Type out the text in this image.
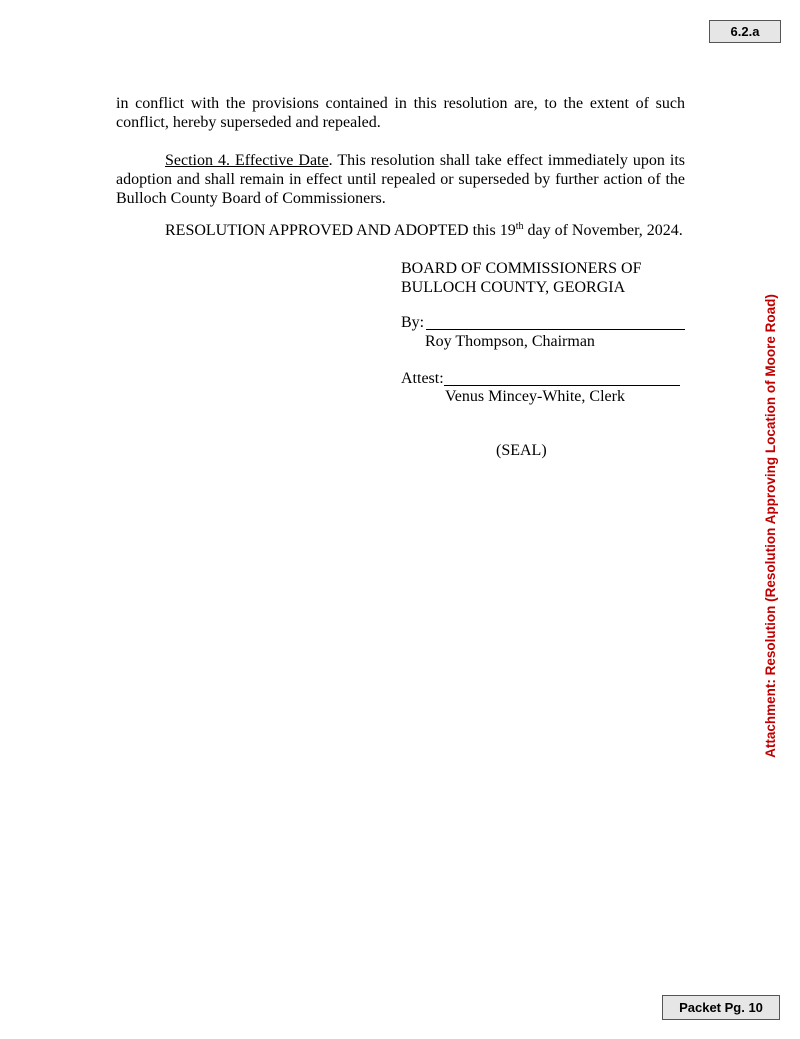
6.2.a
in conflict with the provisions contained in this resolution are, to the extent of such conflict, hereby superseded and repealed.
Section 4. Effective Date. This resolution shall take effect immediately upon its adoption and shall remain in effect until repealed or superseded by further action of the Bulloch County Board of Commissioners.
RESOLUTION APPROVED AND ADOPTED this 19th day of November, 2024.
BOARD OF COMMISSIONERS OF
BULLOCH COUNTY, GEORGIA
By:
Roy Thompson, Chairman
Attest:
Venus Mincey-White, Clerk
(SEAL)	Attachment: Resolution (Resolution Approving Location of Moore Road)
Packet Pg. 10
